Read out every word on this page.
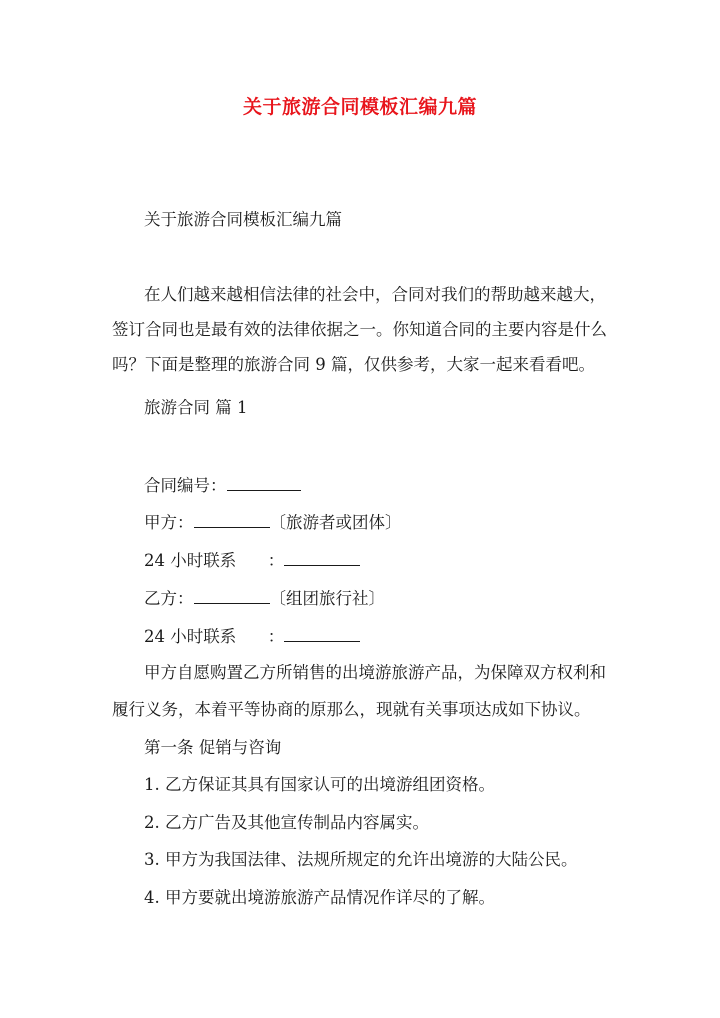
关于旅游合同模板汇编九篇
关于旅游合同模板汇编九篇
在人们越来越相信法律的社会中，合同对我们的帮助越来越大，
签订合同也是最有效的法律依据之一。你知道合同的主要内容是什么
吗？下面是整理的旅游合同 9 篇，仅供参考，大家一起来看看吧。
旅游合同 篇 1
合同编号：
甲方：	〔旅游者或团体〕
24 小时联系      ：
乙方：	〔组团旅行社〕
24 小时联系      ：
甲方自愿购置乙方所销售的出境游旅游产品，为保障双方权利和
履行义务，本着平等协商的原那么，现就有关事项达成如下协议。
第一条 促销与咨询
1. 乙方保证其具有国家认可的出境游组团资格。
2. 乙方广告及其他宣传制品内容属实。
3. 甲方为我国法律、法规所规定的允许出境游的大陆公民。
4. 甲方要就出境游旅游产品情况作详尽的了解。
